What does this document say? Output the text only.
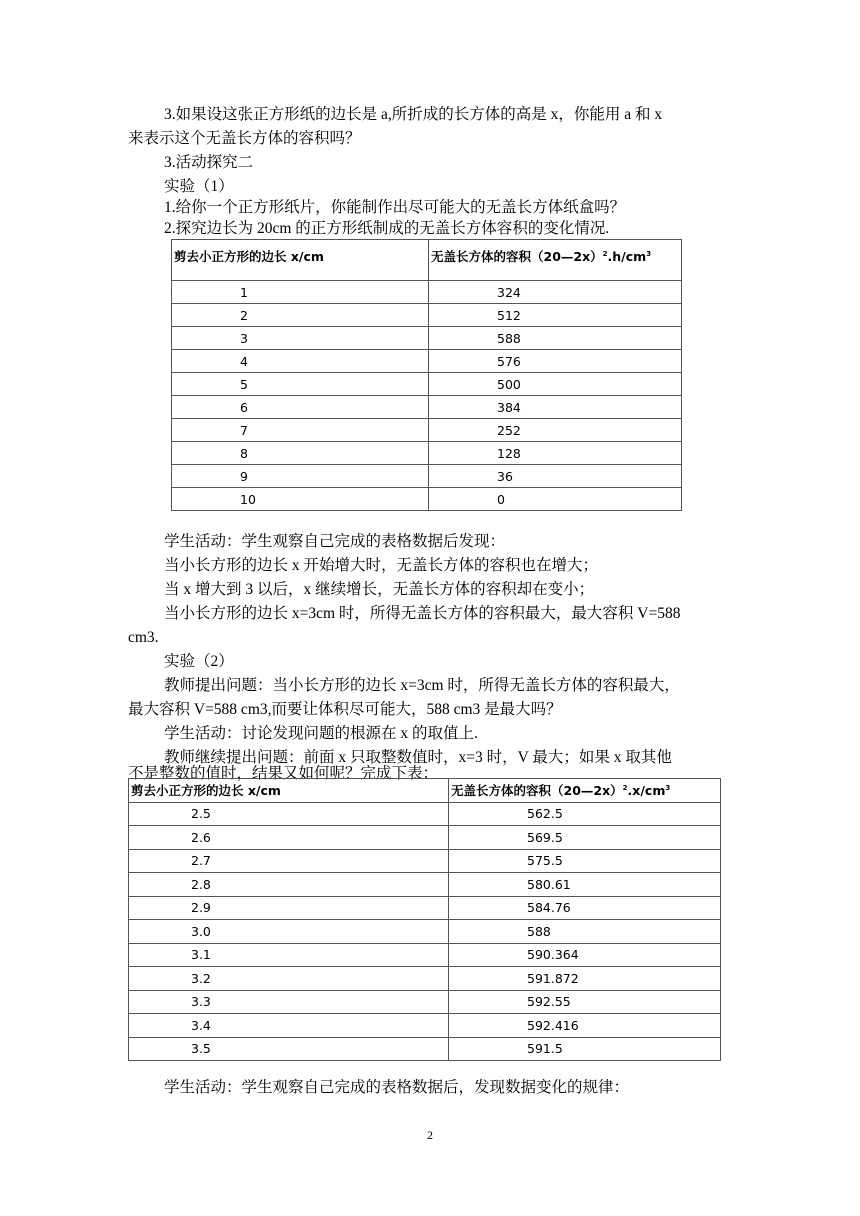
3.如果设这张正方形纸的边长是 a,所折成的长方体的高是 x，你能用 a 和 x
来表示这个无盖长方体的容积吗？
3.活动探究二
实验（1）
1.给你一个正方形纸片，你能制作出尽可能大的无盖长方体纸盒吗？
2.探究边长为 20cm 的正方形纸制成的无盖长方体容积的变化情况.
剪去小正方形的边长 x/cm	无盖长方体的容积$(20—2x)^2.h/cm^3$
1	324
2	512
3	588
4	576
5	500
6	384
7	252
8	128
9	36
10	0
学生活动：学生观察自己完成的表格数据后发现：
当小长方形的边长 x 开始增大时，无盖长方体的容积也在增大；
当 x 增大到 3 以后，x 继续增长，无盖长方体的容积却在变小；
当小长方形的边长 x=3cm 时，所得无盖长方体的容积最大，最大容积 V=588
cm3.
实验（2）
教师提出问题：当小长方形的边长 x=3cm 时，所得无盖长方体的容积最大，
最大容积 V=588 cm3,而要让体积尽可能大，588 cm3 是最大吗？
学生活动：讨论发现问题的根源在 x 的取值上.
教师继续提出问题：前面 x 只取整数值时，x=3 时，V 最大；如果 x 取其他
不是整数的值时，结果又如何呢？完成下表：
剪去小正方形的边长 x/cm	无盖长方体的容积$(20—2x)^2.x/cm^3$
2.5	562.5
2.6	569.5
2.7	575.5
2.8	580.61
2.9	584.76
3.0	588
3.1	590.364
3.2	591.872
3.3	592.55
3.4	592.416
3.5	591.5
学生活动：学生观察自己完成的表格数据后，发现数据变化的规律：
2
